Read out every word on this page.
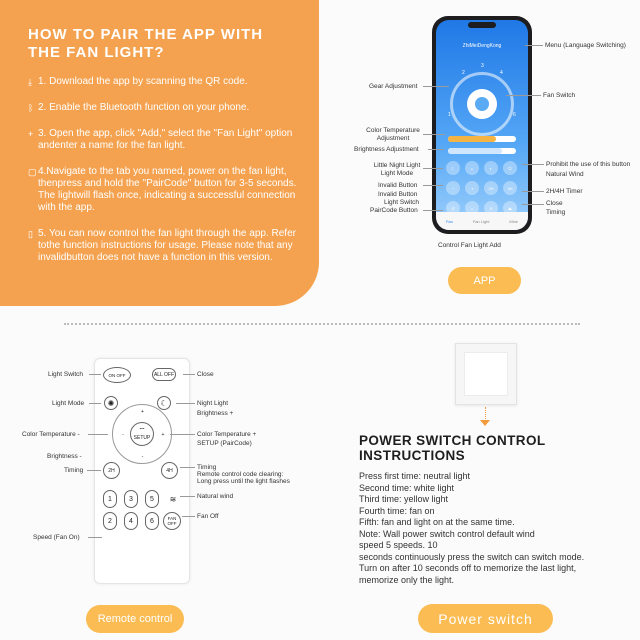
HOW TO PAIR THE APP WITH
THE FAN LIGHT?
⤓ 1. Download the app by scanning the QR code.
ᛒ 2. Enable the Bluetooth function on your phone.
+ 3. Open the app, click "Add," select the "Fan Light" option andenter a name for the fan light.
▢ 4.Navigate to the tab you named, power on the fan light, thenpress and hold the "PairCode" button for 3-5 seconds. The lightwill flash once, indicating a successful connection with the app.
▯ 5. You can now control the fan light through the app. Refer tothe function instructions for usage. Please note that any invalidbutton does not have a function in this version.
ZhiMeiDengKong
3
2	4
1	6
☾	☼	◐	⏻
◔	◑	2H	4H
↺	⌂	✕	⏏
Fan	Fan Light	Mine
Menu (Language Switching)
Gear Adjustment
Fan Switch
Color Temperature
Adjustment
Brightness Adjustment
Little Night Light
Light Mode
Invalid Button
Invalid Button
Light Switch
PairCode Button
Prohibit the use of this button
Natural Wind
2H/4H Timer
Close
Timing
Control Fan Light Add
APP
ON OFF	ALL OFF
✺
+
-	+
⌔
SETUP
-
☾
2H	4H
1	3	5
2	4	6
≋
FAN OFF
Light Switch
Light Mode
Color Temperature -
Brightness -
Timing
Speed (Fan On)
Close
Night Light
Brightness +
Color Temperature +
SETUP (PairCode)
Timing
Remote control code clearing:
Long press until the light flashes
Natural wind
Fan Off
Remote control
POWER SWITCH CONTROL
INSTRUCTIONS
Press first time: neutral light
Second time: white light
Third time: yellow light
Fourth time: fan on
Fifth: fan and light on at the same time.
Note: Wall power switch control default wind
speed 5 speeds. 10
seconds continuously press the switch can switch mode.
Turn on after 10 seconds off to memorize the last light,
memorize only the light.
Power switch
